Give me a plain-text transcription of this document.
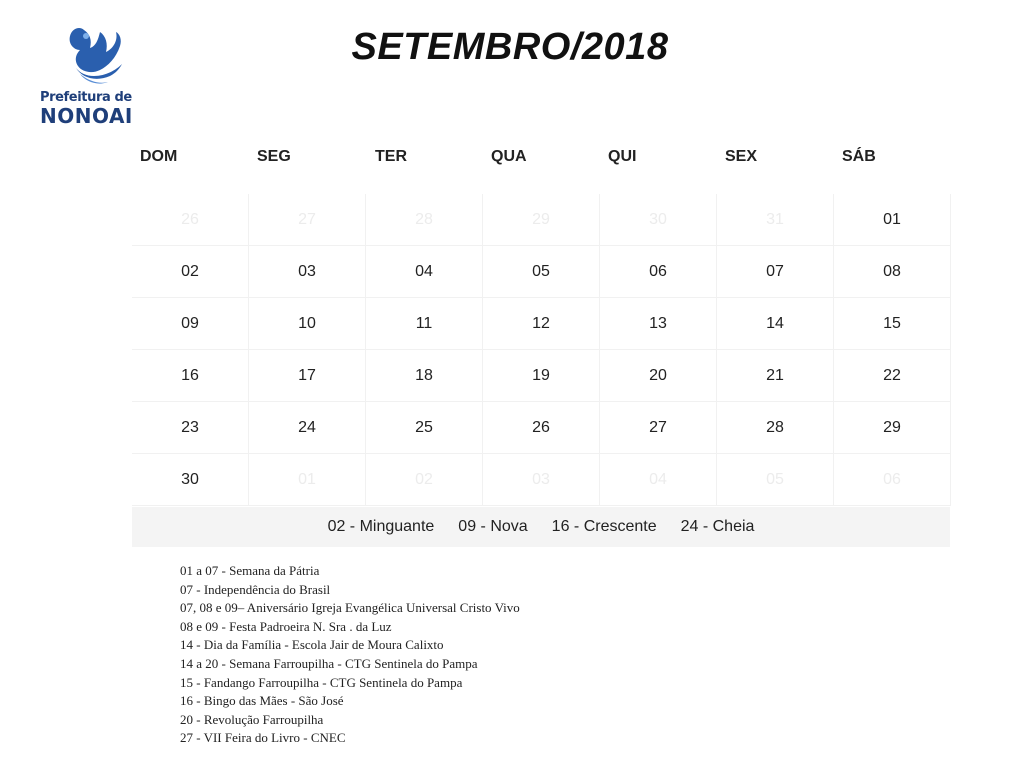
Prefeitura de
NONOAI
SETEMBRO/2018
DOM	SEG	TER	QUA	QUI	SEX	SÁB
26	27	28	29	30	31	01
02	03	04	05	06	07	08
09	10	11	12	13	14	15
16	17	18	19	20	21	22
23	24	25	26	27	28	29
30	01	02	03	04	05	06
02 - Minguante 09 - Nova 16 - Crescente 24 - Cheia
01 a 07 - Semana da Pátria
07 - Independência do Brasil
07, 08 e 09– Aniversário Igreja Evangélica Universal Cristo Vivo
08 e 09 - Festa Padroeira N. Sra . da Luz
14 - Dia da Família - Escola Jair de Moura Calixto
14 a 20 - Semana Farroupilha - CTG Sentinela do Pampa
15 - Fandango Farroupilha - CTG Sentinela do Pampa
16 - Bingo das Mães - São José
20 - Revolução Farroupilha
27 - VII Feira do Livro - CNEC
